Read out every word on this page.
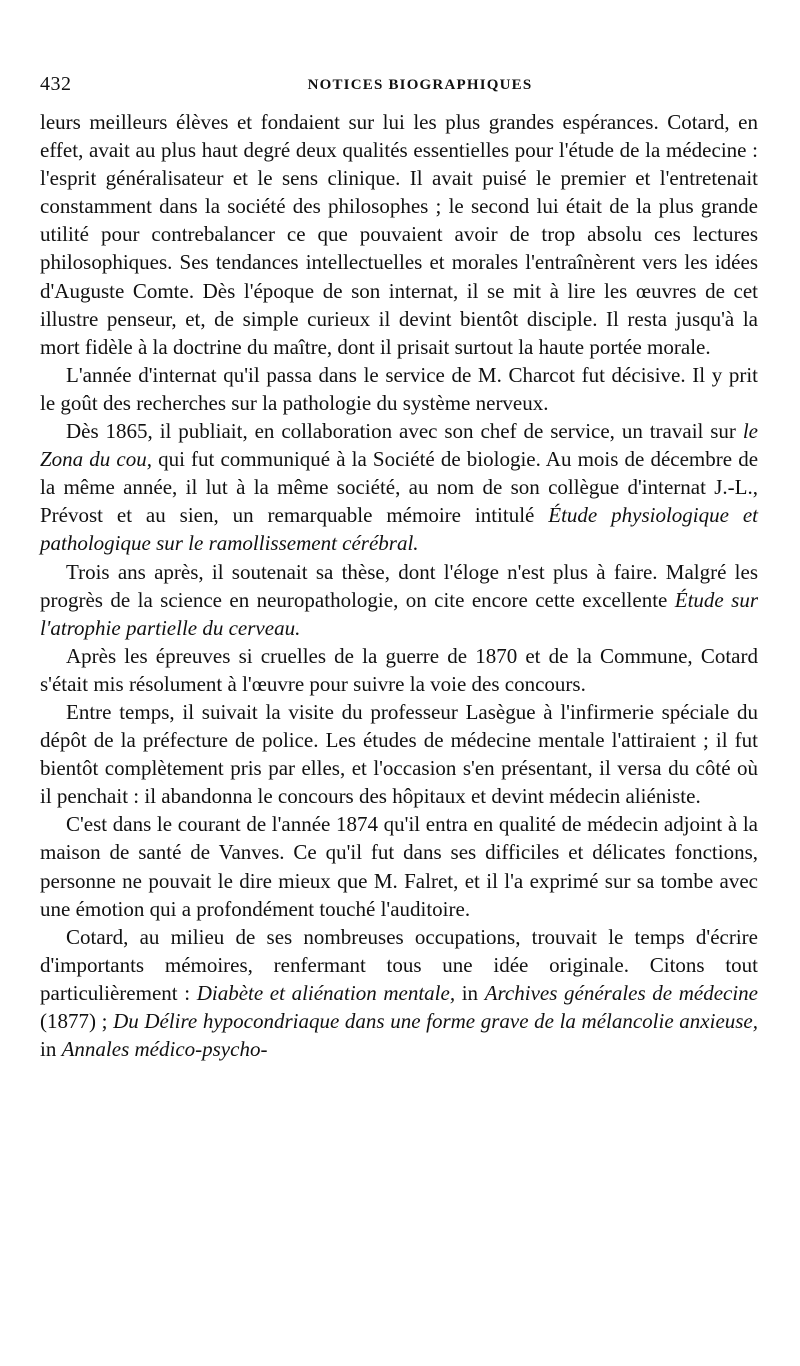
432	NOTICES BIOGRAPHIQUES

leurs meilleurs élèves et fondaient sur lui les plus grandes espérances. Cotard, en effet, avait au plus haut degré deux qualités essentielles pour l'étude de la médecine : l'esprit généralisateur et le sens clinique. Il avait puisé le premier et l'entretenait constamment dans la société des philosophes ; le second lui était de la plus grande utilité pour contrebalancer ce que pouvaient avoir de trop absolu ces lectures philosophiques. Ses tendances intellectuelles et morales l'entraînèrent vers les idées d'Auguste Comte. Dès l'époque de son internat, il se mit à lire les œuvres de cet illustre penseur, et, de simple curieux il devint bientôt disciple. Il resta jusqu'à la mort fidèle à la doctrine du maître, dont il prisait surtout la haute portée morale.

L'année d'internat qu'il passa dans le service de M. Charcot fut décisive. Il y prit le goût des recherches sur la pathologie du système nerveux.

Dès 1865, il publiait, en collaboration avec son chef de service, un travail sur le Zona du cou, qui fut communiqué à la Société de biologie. Au mois de décembre de la même année, il lut à la même société, au nom de son collègue d'internat J.-L., Prévost et au sien, un remarquable mémoire intitulé Étude physiologique et pathologique sur le ramollissement cérébral.

Trois ans après, il soutenait sa thèse, dont l'éloge n'est plus à faire. Malgré les progrès de la science en neuropathologie, on cite encore cette excellente Étude sur l'atrophie partielle du cerveau.

Après les épreuves si cruelles de la guerre de 1870 et de la Commune, Cotard s'était mis résolument à l'œuvre pour suivre la voie des concours.

Entre temps, il suivait la visite du professeur Lasègue à l'infirmerie spéciale du dépôt de la préfecture de police. Les études de médecine mentale l'attiraient ; il fut bientôt complètement pris par elles, et l'occasion s'en présentant, il versa du côté où il penchait : il abandonna le concours des hôpitaux et devint médecin aliéniste.

C'est dans le courant de l'année 1874 qu'il entra en qualité de médecin adjoint à la maison de santé de Vanves. Ce qu'il fut dans ses difficiles et délicates fonctions, personne ne pouvait le dire mieux que M. Falret, et il l'a exprimé sur sa tombe avec une émotion qui a profondément touché l'auditoire.

Cotard, au milieu de ses nombreuses occupations, trouvait le temps d'écrire d'importants mémoires, renfermant tous une idée originale. Citons tout particulièrement : Diabète et aliénation mentale, in Archives générales de médecine (1877) ; Du Délire hypocondriaque dans une forme grave de la mélancolie anxieuse, in Annales médico-psycho-
